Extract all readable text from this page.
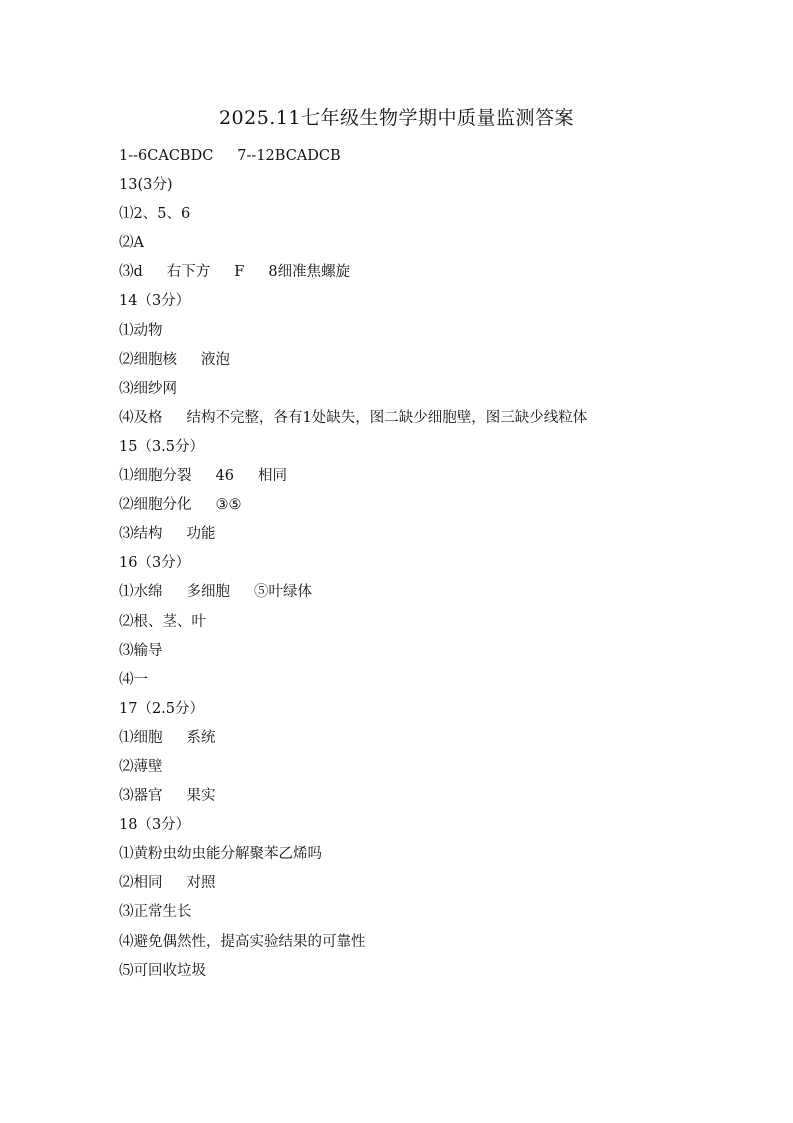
2025.11七年级生物学期中质量监测答案
1--6CACBDC 7--12BCADCB
13(3分)
⑴2、5、6
⑵A
⑶d 右下方 F 8细准焦螺旋
14（3分）
⑴动物
⑵细胞核 液泡
⑶细纱网
⑷及格 结构不完整，各有1处缺失，图二缺少细胞壁，图三缺少线粒体
15（3.5分）
⑴细胞分裂 46 相同
⑵细胞分化 ③⑤
⑶结构 功能
16（3分）
⑴水绵 多细胞 ⑤叶绿体
⑵根、茎、叶
⑶输导
⑷一
17（2.5分）
⑴细胞 系统
⑵薄壁
⑶器官 果实
18（3分）
⑴黄粉虫幼虫能分解聚苯乙烯吗
⑵相同 对照
⑶正常生长
⑷避免偶然性，提高实验结果的可靠性
⑸可回收垃圾
